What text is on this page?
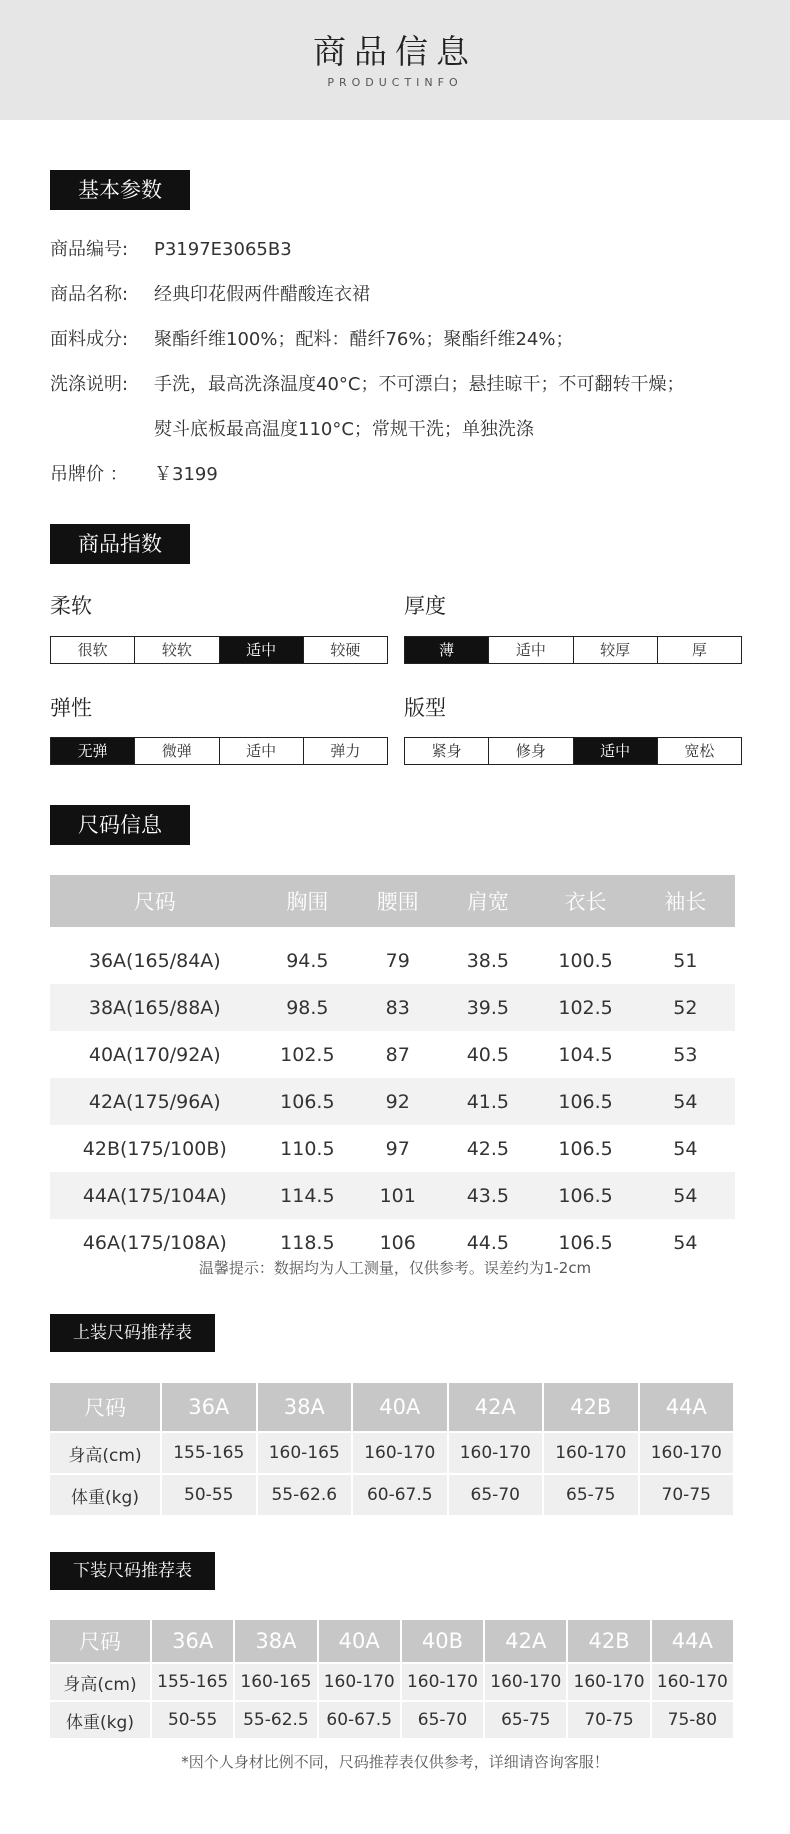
商品信息
PRODUCTINFO
基本参数
商品编号:	P3197E3065B3
商品名称:	经典印花假两件醋酸连衣裙
面料成分:	聚酯纤维100%；配料：醋纤76%；聚酯纤维24%；
洗涤说明:	手洗，最高洗涤温度40°C；不可漂白；悬挂晾干；不可翻转干燥；
熨斗底板最高温度110°C；常规干洗；单独洗涤
吊牌价 ：	￥3199
商品指数
柔软
很软	较软	适中	较硬
厚度
薄	适中	较厚	厚
弹性
无弹	微弹	适中	弹力
版型
紧身	修身	适中	宽松
尺码信息
尺码	胸围	腰围	肩宽	衣长	袖长

36A(165/84A)	94.5	79	38.5	100.5	51
38A(165/88A)	98.5	83	39.5	102.5	52
40A(170/92A)	102.5	87	40.5	104.5	53
42A(175/96A)	106.5	92	41.5	106.5	54
42B(175/100B)	110.5	97	42.5	106.5	54
44A(175/104A)	114.5	101	43.5	106.5	54
46A(175/108A)	118.5	106	44.5	106.5	54
温馨提示：数据均为人工测量，仅供参考。误差约为1-2cm
上装尺码推荐表
尺码	36A	38A	40A	42A	42B	44A
身高(cm)	155-165	160-165	160-170	160-170	160-170	160-170
体重(kg)	50-55	55-62.6	60-67.5	65-70	65-75	70-75
下装尺码推荐表
尺码	36A	38A	40A	40B	42A	42B	44A
身高(cm)	155-165	160-165	160-170	160-170	160-170	160-170	160-170
体重(kg)	50-55	55-62.5	60-67.5	65-70	65-75	70-75	75-80
*因个人身材比例不同，尺码推荐表仅供参考，详细请咨询客服！
